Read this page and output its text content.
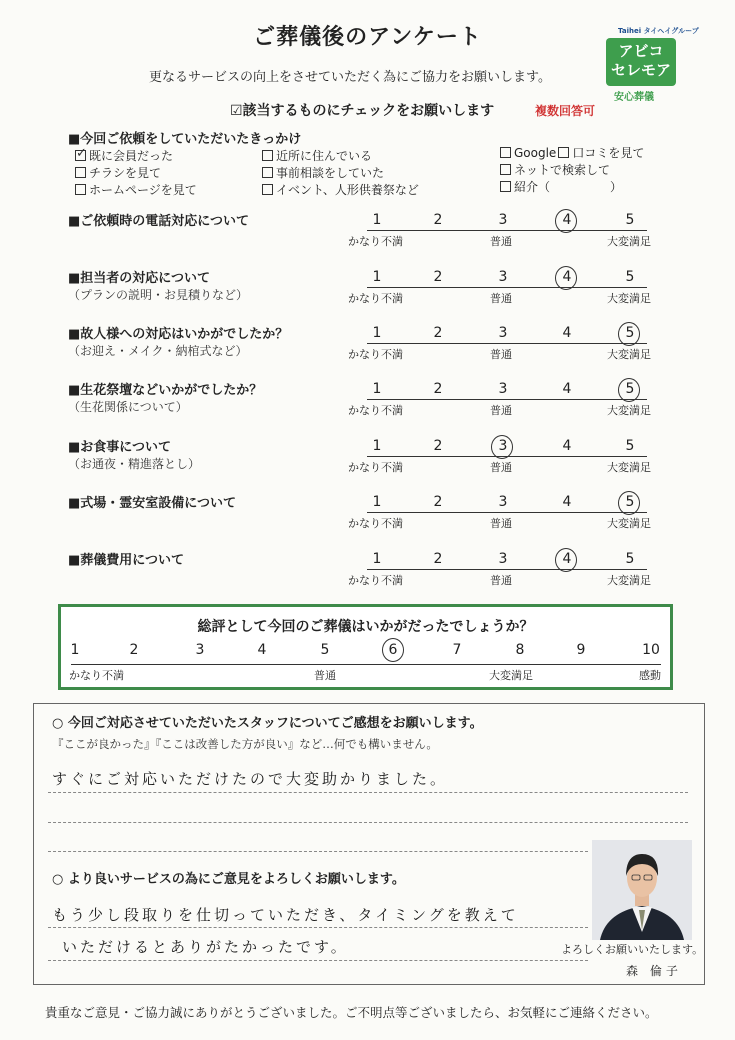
ご葬儀後のアンケート
更なるサービスの向上をさせていただく為にご協力をお願いします。
☑該当するものにチェックをお願いします	複数回答可
Taihei タイヘイグループ
アビコ
セレモア
安心葬儀
■今回ご依頼をしていただいたきっかけ
✓ 既に会員だった
チラシを見て
ホームページを見て
近所に住んでいる
事前相談をしていた
イベント、人形供養祭など
Google 口コミを見て
ネットで検索して
紹介（　　　　　）
■ご依頼時の電話対応について	1	2	3	4	5
かなり不満	普通	大変満足
■担当者の対応について
（プランの説明・お見積りなど）
1	2	3	4	5
かなり不満	普通	大変満足
■故人様への対応はいかがでしたか？
（お迎え・メイク・納棺式など）
1	2	3	4	5
かなり不満	普通	大変満足
■生花祭壇などいかがでしたか？
（生花関係について）
1	2	3	4	5
かなり不満	普通	大変満足
■お食事について
（お通夜・精進落とし）
1	2	3	4	5
かなり不満	普通	大変満足
■式場・霊安室設備について	1	2	3	4	5
かなり不満	普通	大変満足
■葬儀費用について	1	2	3	4	5
かなり不満	普通	大変満足
総評として今回のご葬儀はいかがだったでしょうか？
1	2	3	4	5	6	7	8	9	10
かなり不満	普通	大変満足	感動
○ 今回ご対応させていただいたスタッフについてご感想をお願いします。
『ここが良かった』『ここは改善した方が良い』など…何でも構いません。
すぐにご対応いただけたので大変助かりました。
○ より良いサービスの為にご意見をよろしくお願いします。
もう少し段取りを仕切っていただき、タイミングを教えて
いただけるとありがたかったです。	よろしくお願いいたします。
森 倫子
貴重なご意見・ご協力誠にありがとうございました。ご不明点等ございましたら、お気軽にご連絡ください。
